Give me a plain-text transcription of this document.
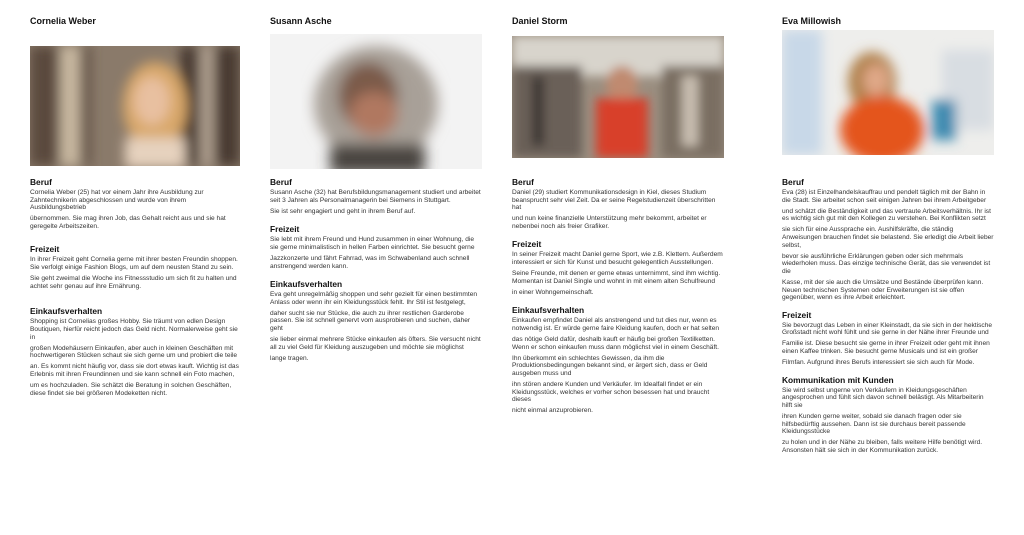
Cornelia Weber
Beruf

Cornelia Weber (25) hat vor einem Jahr ihre Ausbildung zur Zahntechnikerin abgeschlossen und wurde von ihrem Ausbildungsbetrieb

übernommen. Sie mag ihren Job, das Gehalt reicht aus und sie hat geregelte Arbeitszeiten.

Freizeit

In ihrer Freizeit geht Cornelia gerne mit ihrer besten Freundin shoppen. Sie verfolgt einige Fashion Blogs, um auf dem neusten Stand zu sein.

Sie geht zweimal die Woche ins Fitnessstudio um sich fit zu halten und achtet sehr genau auf ihre Ernährung.

Einkaufsverhalten

Shopping ist Cornelias großes Hobby. Sie träumt von edlen Design Boutiquen, hierfür reicht jedoch das Geld nicht. Normalerweise geht sie in

großen Modehäusern Einkaufen, aber auch in kleinen Geschäften mit hochwertigeren Stücken schaut sie sich gerne um und probiert die teile

an. Es kommt nicht häufig vor, dass sie dort etwas kauft. Wichtig ist das Erlebnis mit ihren Freundinnen und sie kann schnell ein Foto machen,

um es hochzuladen. Sie schätzt die Beratung in solchen Geschäften, diese findet sie bei größeren Modeketten nicht.

Susann Asche
Beruf

Susann Asche (32) hat Berufsbildungsmanagement studiert und arbeitet seit 3 Jahren als Personalmanagerin bei Siemens in Stuttgart.

Sie ist sehr engagiert und geht in ihrem Beruf auf.

Freizeit

Sie lebt mit ihrem Freund und Hund zusammen in einer Wohnung, die sie gerne minimalistisch in hellen Farben einrichtet. Sie besucht gerne

Jazzkonzerte und fährt Fahrrad, was im Schwabenland auch schnell anstrengend werden kann.

Einkaufsverhalten

Eva geht unregelmäßig shoppen und sehr gezielt für einen bestimmten Anlass oder wenn ihr ein Kleidungsstück fehlt. Ihr Stil ist festgelegt,

daher sucht sie nur Stücke, die auch zu ihrer restlichen Garderobe passen. Sie ist schnell genervt vom ausprobieren und suchen, daher geht

sie lieber einmal mehrere Stücke einkaufen als öfters. Sie versucht nicht all zu viel Geld für Kleidung auszugeben und möchte sie möglichst

lange tragen.

Daniel Storm
Beruf

Daniel (29) studiert Kommunikationsdesign in Kiel, dieses Studium beansprucht sehr viel Zeit. Da er seine Regelstudienzeit überschritten hat

und nun keine finanzielle Unterstützung mehr bekommt, arbeitet er nebenbei noch als freier Grafiker.

Freizeit

In seiner Freizeit macht Daniel gerne Sport, wie z.B. Klettern. Außerdem interessiert er sich für Kunst und besucht gelegentlich Ausstellungen.

Seine Freunde, mit denen er gerne etwas unternimmt, sind ihm wichtig. Momentan ist Daniel Single und wohnt in mit einem alten Schulfreund

in einer Wohngemeinschaft.

Einkaufsverhalten

Einkaufen empfindet Daniel als anstrengend und tut dies nur, wenn es notwendig ist. Er würde gerne faire Kleidung kaufen, doch er hat selten

das nötige Geld dafür, deshalb kauft er häufig bei großen Textilketten. Wenn er schon einkaufen muss dann möglichst viel in einem Geschäft.

Ihn überkommt ein schlechtes Gewissen, da ihm die Produktionsbedingungen bekannt sind, er ärgert sich, dass er Geld ausgeben muss und

ihn stören andere Kunden und Verkäufer. Im Idealfall findet er ein Kleidungsstück, welches er vorher schon besessen hat und braucht dieses

nicht einmal anzuprobieren.

Eva Millowish
Beruf

Eva (28) ist Einzelhandelskauffrau und pendelt täglich mit der Bahn in die Stadt. Sie arbeitet schon seit einigen Jahren bei ihrem Arbeitgeber

und schätzt die Beständigkeit und das vertraute Arbeitsverhältnis. Ihr ist es wichtig sich gut mit den Kollegen zu verstehen. Bei Konflikten setzt

sie sich für eine Aussprache ein. Aushilfskräfte, die ständig Anweisungen brauchen findet sie belastend. Sie erledigt die Arbeit lieber selbst,

bevor sie ausführliche Erklärungen geben oder sich mehrmals wiederholen muss. Das einzige technische Gerät, das sie verwendet ist die

Kasse, mit der sie auch die Umsätze und Bestände überprüfen kann. Neuen technischen Systemen oder Erweiterungen ist sie offen gegenüber, wenn es ihre Arbeit erleichtert.

Freizeit

Sie bevorzugt das Leben in einer Kleinstadt, da sie sich in der hektische Großstadt nicht wohl fühlt und sie gerne in der Nähe ihrer Freunde und

Familie ist. Diese besucht sie gerne in ihrer Freizeit oder geht mit ihnen einen Kaffee trinken. Sie besucht gerne Musicals und ist ein großer

Filmfan. Aufgrund ihres Berufs interessiert sie sich auch für Mode.

Kommunikation mit Kunden

Sie wird selbst ungerne von Verkäufern in Kleidungsgeschäften angesprochen und fühlt sich davon schnell belästigt. Als Mitarbeiterin hilft sie

ihren Kunden gerne weiter, sobald sie danach fragen oder sie hilfsbedürftig aussehen. Dann ist sie durchaus bereit passende Kleidungsstücke

zu holen und in der Nähe zu bleiben, falls weitere Hilfe benötigt wird. Ansonsten hält sie sich in der Kommunikation zurück.
